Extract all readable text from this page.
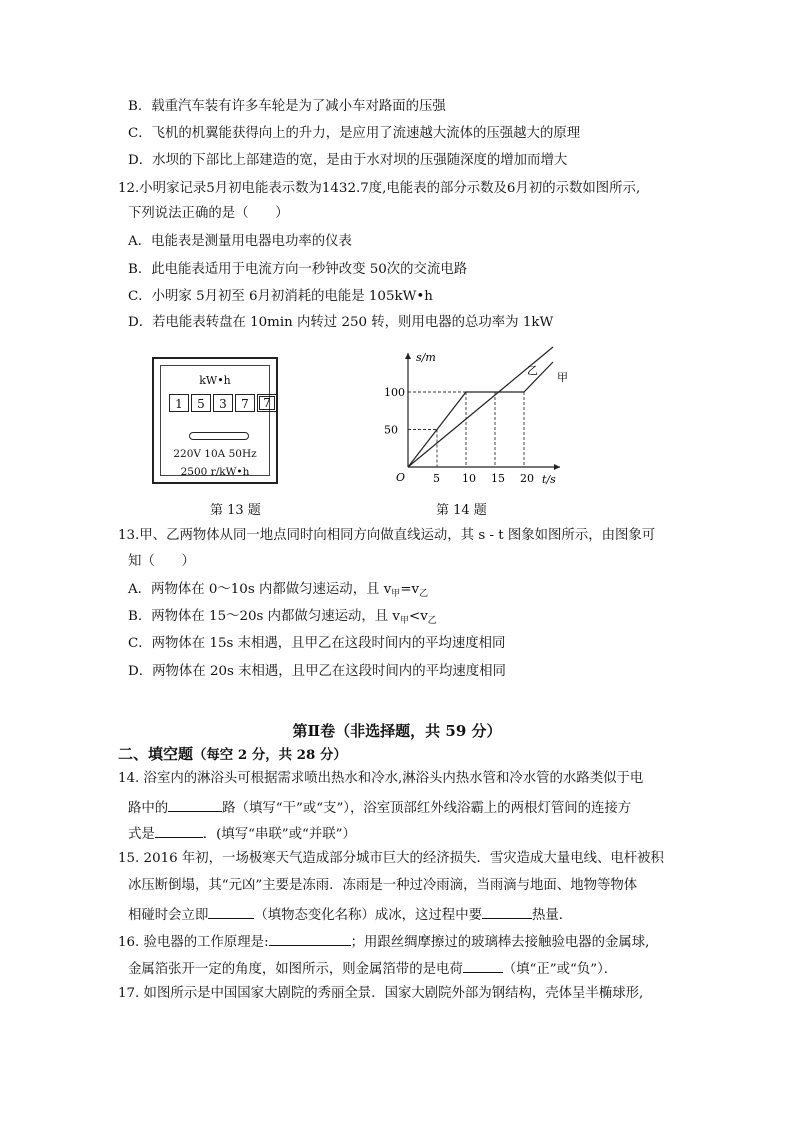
B．载重汽车装有许多车轮是为了减小车对路面的压强
C．飞机的机翼能获得向上的升力，是应用了流速越大流体的压强越大的原理
D．水坝的下部比上部建造的宽，是由于水对坝的压强随深度的增加而增大
12.小明家记录5月初电能表示数为1432.7度,电能表的部分示数及6月初的示数如图所示,
下列说法正确的是（　　）
A．电能表是测量用电器电功率的仪表
B．此电能表适用于电流方向一秒钟改变 50次的交流电路
C．小明家 5月初至 6月初消耗的电能是 105kW•h
D．若电能表转盘在 10min 内转过 250 转，则用电器的总功率为 1kW
kW•h
1	5	3	7	7
220V 10A 50Hz
2500 r/kW•h
s/m
t/s
O	5 10 15 20
50
100
甲
乙
第 13 题	第 14 题
13.甲、乙两物体从同一地点同时向相同方向做直线运动，其 s - t 图象如图所示，由图象可
知（　　）
A．两物体在 0～10s 内都做匀速运动，且 $v_甲=v_乙$
B．两物体在 15～20s 内都做匀速运动，且 $v_甲<v_乙$
C．两物体在 15s 末相遇，且甲乙在这段时间内的平均速度相同
D．两物体在 20s 末相遇，且甲乙在这段时间内的平均速度相同
第Ⅱ卷（非选择题，共 59 分）
二、填空题（每空 2 分，共 28 分）
14. 浴室内的淋浴头可根据需求喷出热水和冷水,淋浴头内热水管和冷水管的水路类似于电
路中的	路（填写“干”或“支”），浴室顶部红外线浴霸上的两根灯管间的连接方
式是	．(填写“串联”或“并联”）
15. 2016 年初，一场极寒天气造成部分城市巨大的经济损失．雪灾造成大量电线、电杆被积
冰压断倒塌，其“元凶”主要是冻雨．冻雨是一种过冷雨滴，当雨滴与地面、地物等物体
相碰时会立即	（填物态变化名称）成冰，这过程中要	热量．
16. 验电器的工作原理是:	；用跟丝绸摩擦过的玻璃棒去接触验电器的金属球,
金属箔张开一定的角度，如图所示，则金属箔带的是电荷	（填“正”或“负”）．
17. 如图所示是中国国家大剧院的秀丽全景．国家大剧院外部为钢结构，壳体呈半椭球形,
